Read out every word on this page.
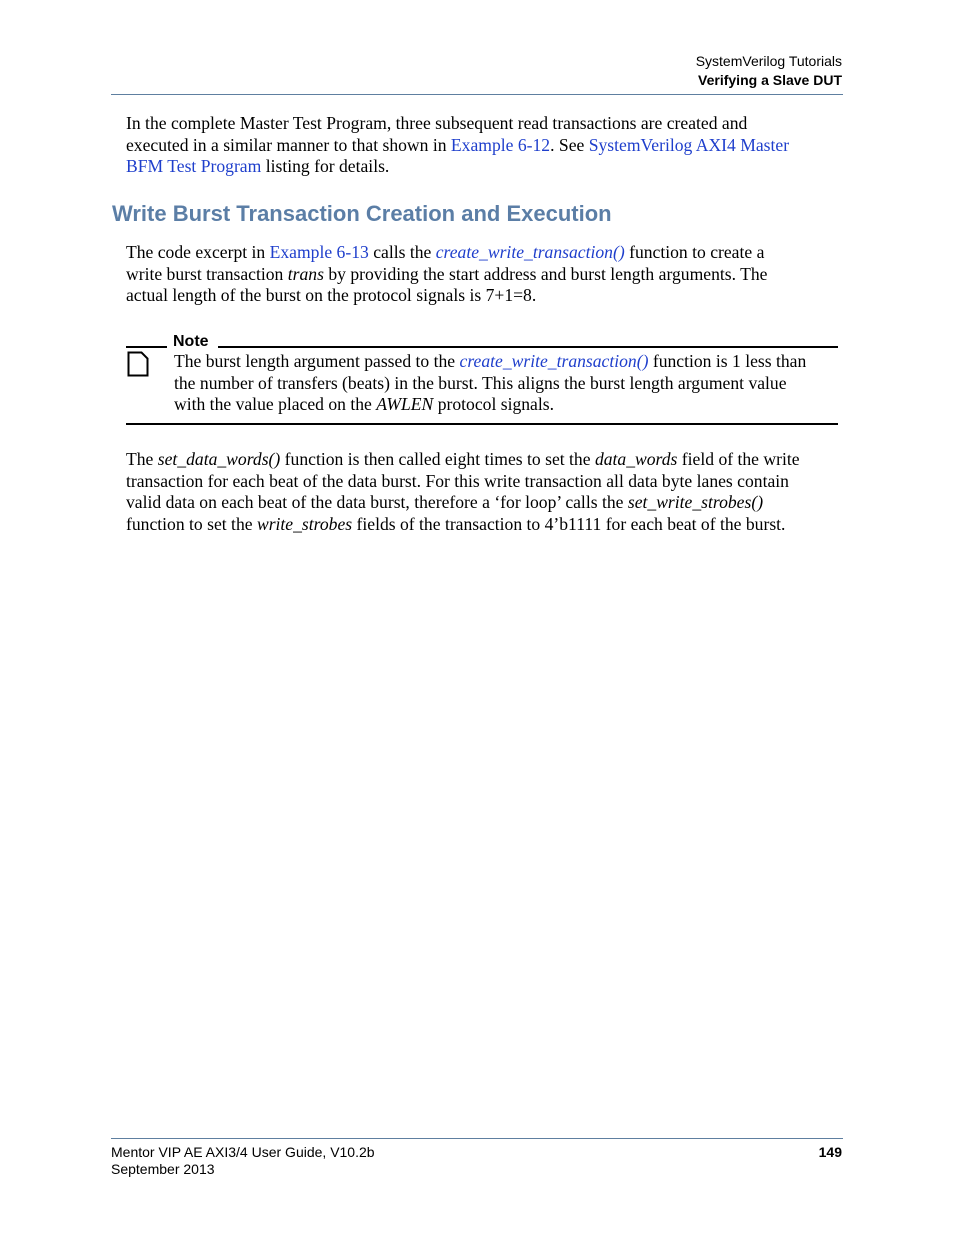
SystemVerilog Tutorials
Verifying a Slave DUT
In the complete Master Test Program, three subsequent read transactions are created and
executed in a similar manner to that shown in Example 6-12. See SystemVerilog AXI4 Master
BFM Test Program listing for details.
Write Burst Transaction Creation and Execution
The code excerpt in Example 6-13 calls the create_write_transaction() function to create a
write burst transaction trans by providing the start address and burst length arguments. The
actual length of the burst on the protocol signals is 7+1=8.
Note
The burst length argument passed to the create_write_transaction() function is 1 less than
the number of transfers (beats) in the burst. This aligns the burst length argument value
with the value placed on the AWLEN protocol signals.
The set_data_words() function is then called eight times to set the data_words field of the write
transaction for each beat of the data burst. For this write transaction all data byte lanes contain
valid data on each beat of the data burst, therefore a ‘for loop’ calls the set_write_strobes()
function to set the write_strobes fields of the transaction to 4’b1111 for each beat of the burst.
Mentor VIP AE AXI3/4 User Guide, V10.2b
September 2013
149
